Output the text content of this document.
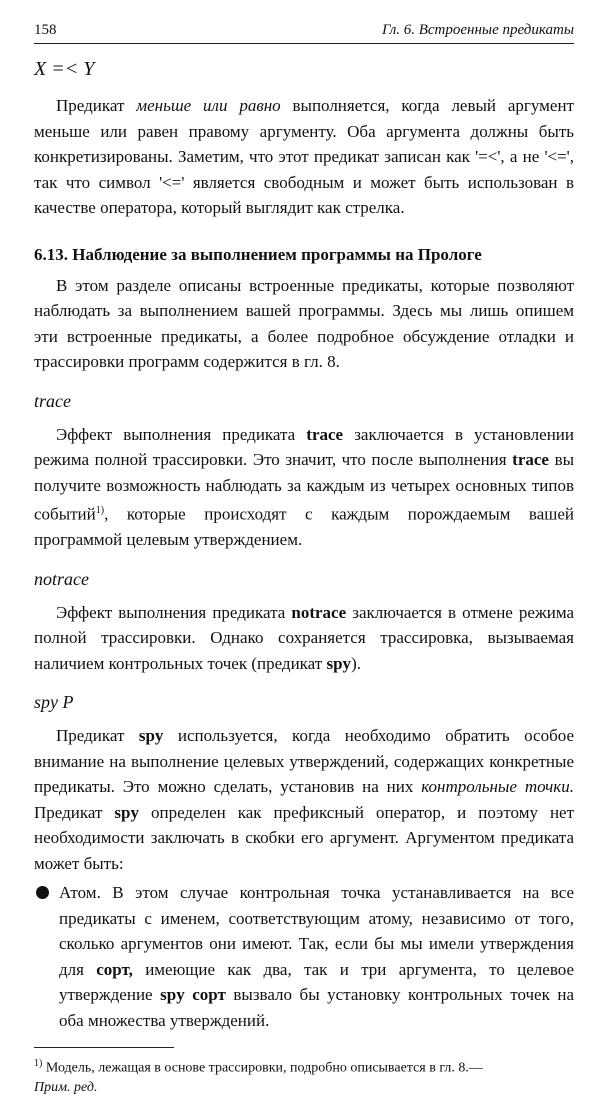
158	Гл. 6. Встроенные предикаты
X =< Y

Предикат меньше или равно выполняется, когда левый аргумент меньше или равен правому аргументу. Оба аргумента должны быть конкретизированы. Заметим, что этот предикат записан как '=<', а не '<=', так что символ '<=' является свободным и может быть использован в качестве оператора, который выглядит как стрелка.

6.13. Наблюдение за выполнением программы на Прологе

В этом разделе описаны встроенные предикаты, которые позволяют наблюдать за выполнением вашей программы. Здесь мы лишь опишем эти встроенные предикаты, а более подробное обсуждение отладки и трассировки программ содержится в гл. 8.

trace

Эффект выполнения предиката trace заключается в установлении режима полной трассировки. Это значит, что после выполнения trace вы получите возможность наблюдать за каждым из четырех основных типов событий$^{1)}$, которые происходят с каждым порождаемым вашей программой целевым утверждением.

notrace

Эффект выполнения предиката notrace заключается в отмене режима полной трассировки. Однако сохраняется трассировка, вызываемая наличием контрольных точек (предикат spy).

spy P

Предикат spy используется, когда необходимо обратить особое внимание на выполнение целевых утверждений, содержащих конкретные предикаты. Это можно сделать, установив на них контрольные точки. Предикат spy определен как префиксный оператор, и поэтому нет необходимости заключать в скобки его аргумент. Аргументом предиката может быть:

Атом. В этом случае контрольная точка устанавливается на все предикаты с именем, соответствующим атому, независимо от того, сколько аргументов они имеют. Так, если бы мы имели утверждения для сорт, имеющие как два, так и три аргумента, то целевое утверждение spy сорт вызвало бы установку контрольных точек на оба множества утверждений.

$^{1)}$ Модель, лежащая в основе трассировки, подробно описывается в гл. 8.—
Прим. ред.
